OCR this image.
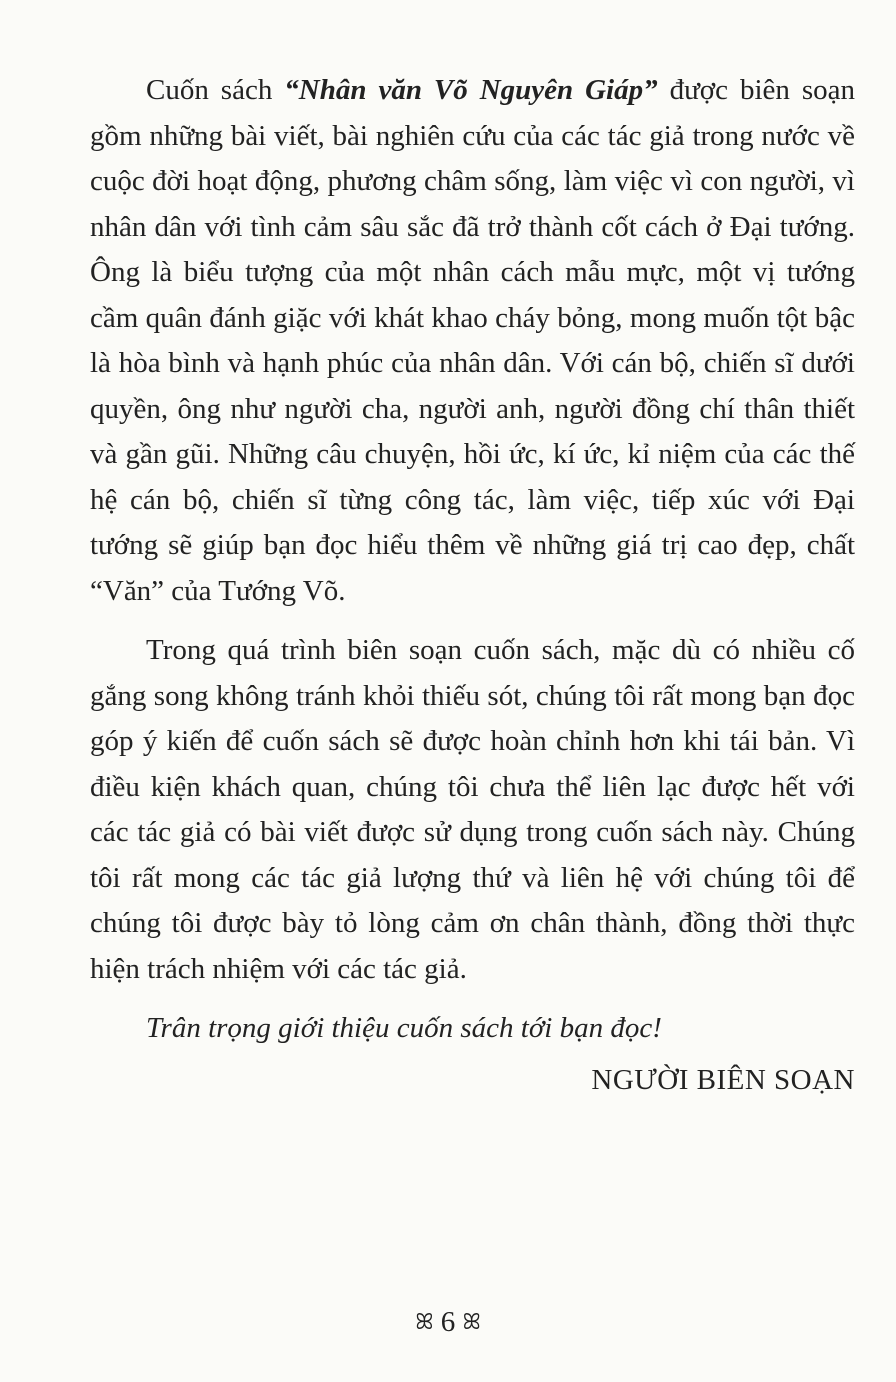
Cuốn sách “Nhân văn Võ Nguyên Giáp” được biên soạn gồm những bài viết, bài nghiên cứu của các tác giả trong nước về cuộc đời hoạt động, phương châm sống, làm việc vì con người, vì nhân dân với tình cảm sâu sắc đã trở thành cốt cách ở Đại tướng. Ông là biểu tượng của một nhân cách mẫu mực, một vị tướng cầm quân đánh giặc với khát khao cháy bỏng, mong muốn tột bậc là hòa bình và hạnh phúc của nhân dân. Với cán bộ, chiến sĩ dưới quyền, ông như người cha, người anh, người đồng chí thân thiết và gần gũi. Những câu chuyện, hồi ức, kí ức, kỉ niệm của các thế hệ cán bộ, chiến sĩ từng công tác, làm việc, tiếp xúc với Đại tướng sẽ giúp bạn đọc hiểu thêm về những giá trị cao đẹp, chất “Văn” của Tướng Võ.

Trong quá trình biên soạn cuốn sách, mặc dù có nhiều cố gắng song không tránh khỏi thiếu sót, chúng tôi rất mong bạn đọc góp ý kiến để cuốn sách sẽ được hoàn chỉnh hơn khi tái bản. Vì điều kiện khách quan, chúng tôi chưa thể liên lạc được hết với các tác giả có bài viết được sử dụng trong cuốn sách này. Chúng tôi rất mong các tác giả lượng thứ và liên hệ với chúng tôi để chúng tôi được bày tỏ lòng cảm ơn chân thành, đồng thời thực hiện trách nhiệm với các tác giả.

Trân trọng giới thiệu cuốn sách tới bạn đọc!

NGƯỜI BIÊN SOẠN

ꕤ 6 ꕤ
